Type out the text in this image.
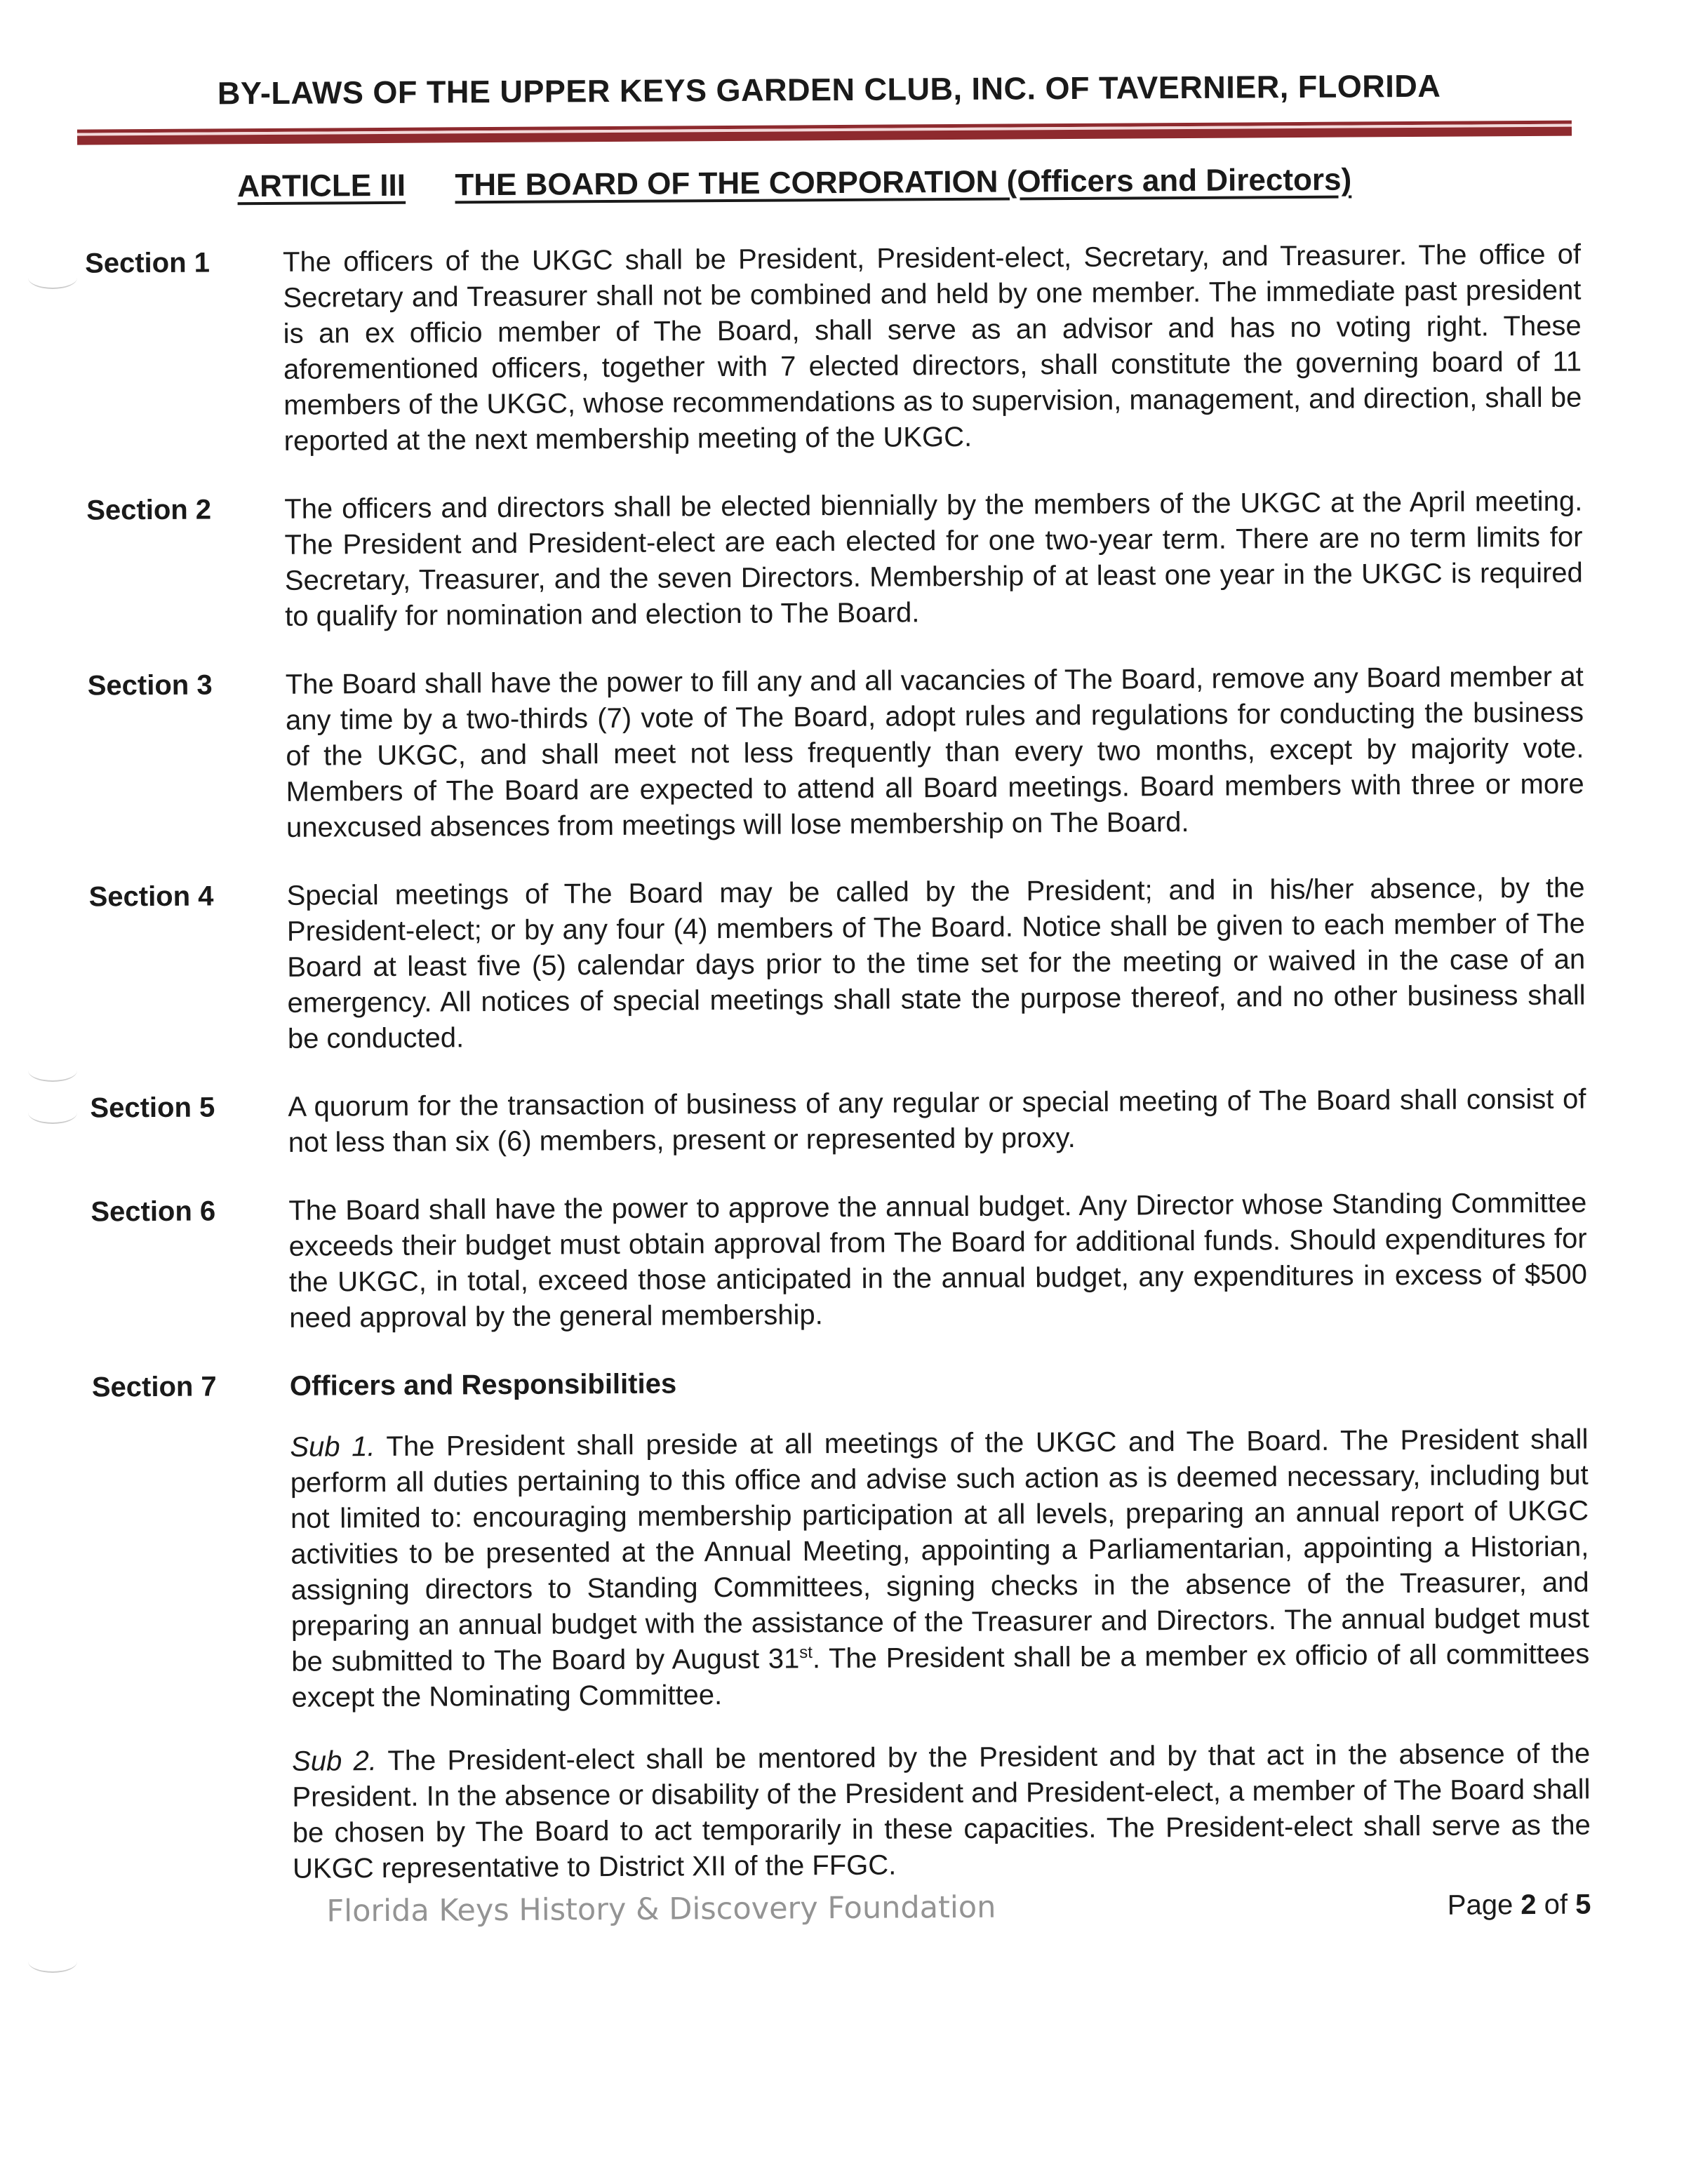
BY-LAWS OF THE UPPER KEYS GARDEN CLUB, INC. OF TAVERNIER, FLORIDA
ARTICLE III THE BOARD OF THE CORPORATION (Officers and Directors)
Section 1	The officers of the UKGC shall be President, President-elect, Secretary, and Treasurer. The office of Secretary and Treasurer shall not be combined and held by one member. The immediate past president is an ex officio member of The Board, shall serve as an advisor and has no voting right. These aforementioned officers, together with 7 elected directors, shall constitute the governing board of 11 members of the UKGC, whose recommendations as to supervision, management, and direction, shall be reported at the next membership meeting of the UKGC.
Section 2	The officers and directors shall be elected biennially by the members of the UKGC at the April meeting. The President and President-elect are each elected for one two-year term. There are no term limits for Secretary, Treasurer, and the seven Directors. Membership of at least one year in the UKGC is required to qualify for nomination and election to The Board.
Section 3	The Board shall have the power to fill any and all vacancies of The Board, remove any Board member at any time by a two-thirds (7) vote of The Board, adopt rules and regulations for conducting the business of the UKGC, and shall meet not less frequently than every two months, except by majority vote. Members of The Board are expected to attend all Board meetings. Board members with three or more unexcused absences from meetings will lose membership on The Board.
Section 4	Special meetings of The Board may be called by the President; and in his/her absence, by the President-elect; or by any four (4) members of The Board. Notice shall be given to each member of The Board at least five (5) calendar days prior to the time set for the meeting or waived in the case of an emergency. All notices of special meetings shall state the purpose thereof, and no other business shall be conducted.
Section 5	A quorum for the transaction of business of any regular or special meeting of The Board shall consist of not less than six (6) members, present or represented by proxy.
Section 6	The Board shall have the power to approve the annual budget. Any Director whose Standing Committee exceeds their budget must obtain approval from The Board for additional funds. Should expenditures for the UKGC, in total, exceed those anticipated in the annual budget, any expenditures in excess of $500 need approval by the general membership.
Section 7	Officers and Responsibilities
Sub 1. The President shall preside at all meetings of the UKGC and The Board. The President shall perform all duties pertaining to this office and advise such action as is deemed necessary, including but not limited to: encouraging membership participation at all levels, preparing an annual report of UKGC activities to be presented at the Annual Meeting, appointing a Parliamentarian, appointing a Historian, assigning directors to Standing Committees, signing checks in the absence of the Treasurer, and preparing an annual budget with the assistance of the Treasurer and Directors. The annual budget must be submitted to The Board by August 31st. The President shall be a member ex officio of all committees except the Nominating Committee.
Sub 2. The President-elect shall be mentored by the President and by that act in the absence of the President. In the absence or disability of the President and President-elect, a member of The Board shall be chosen by The Board to act temporarily in these capacities. The President-elect shall serve as the UKGC representative to District XII of the FFGC.
Florida Keys History & Discovery Foundation	Page 2 of 5
